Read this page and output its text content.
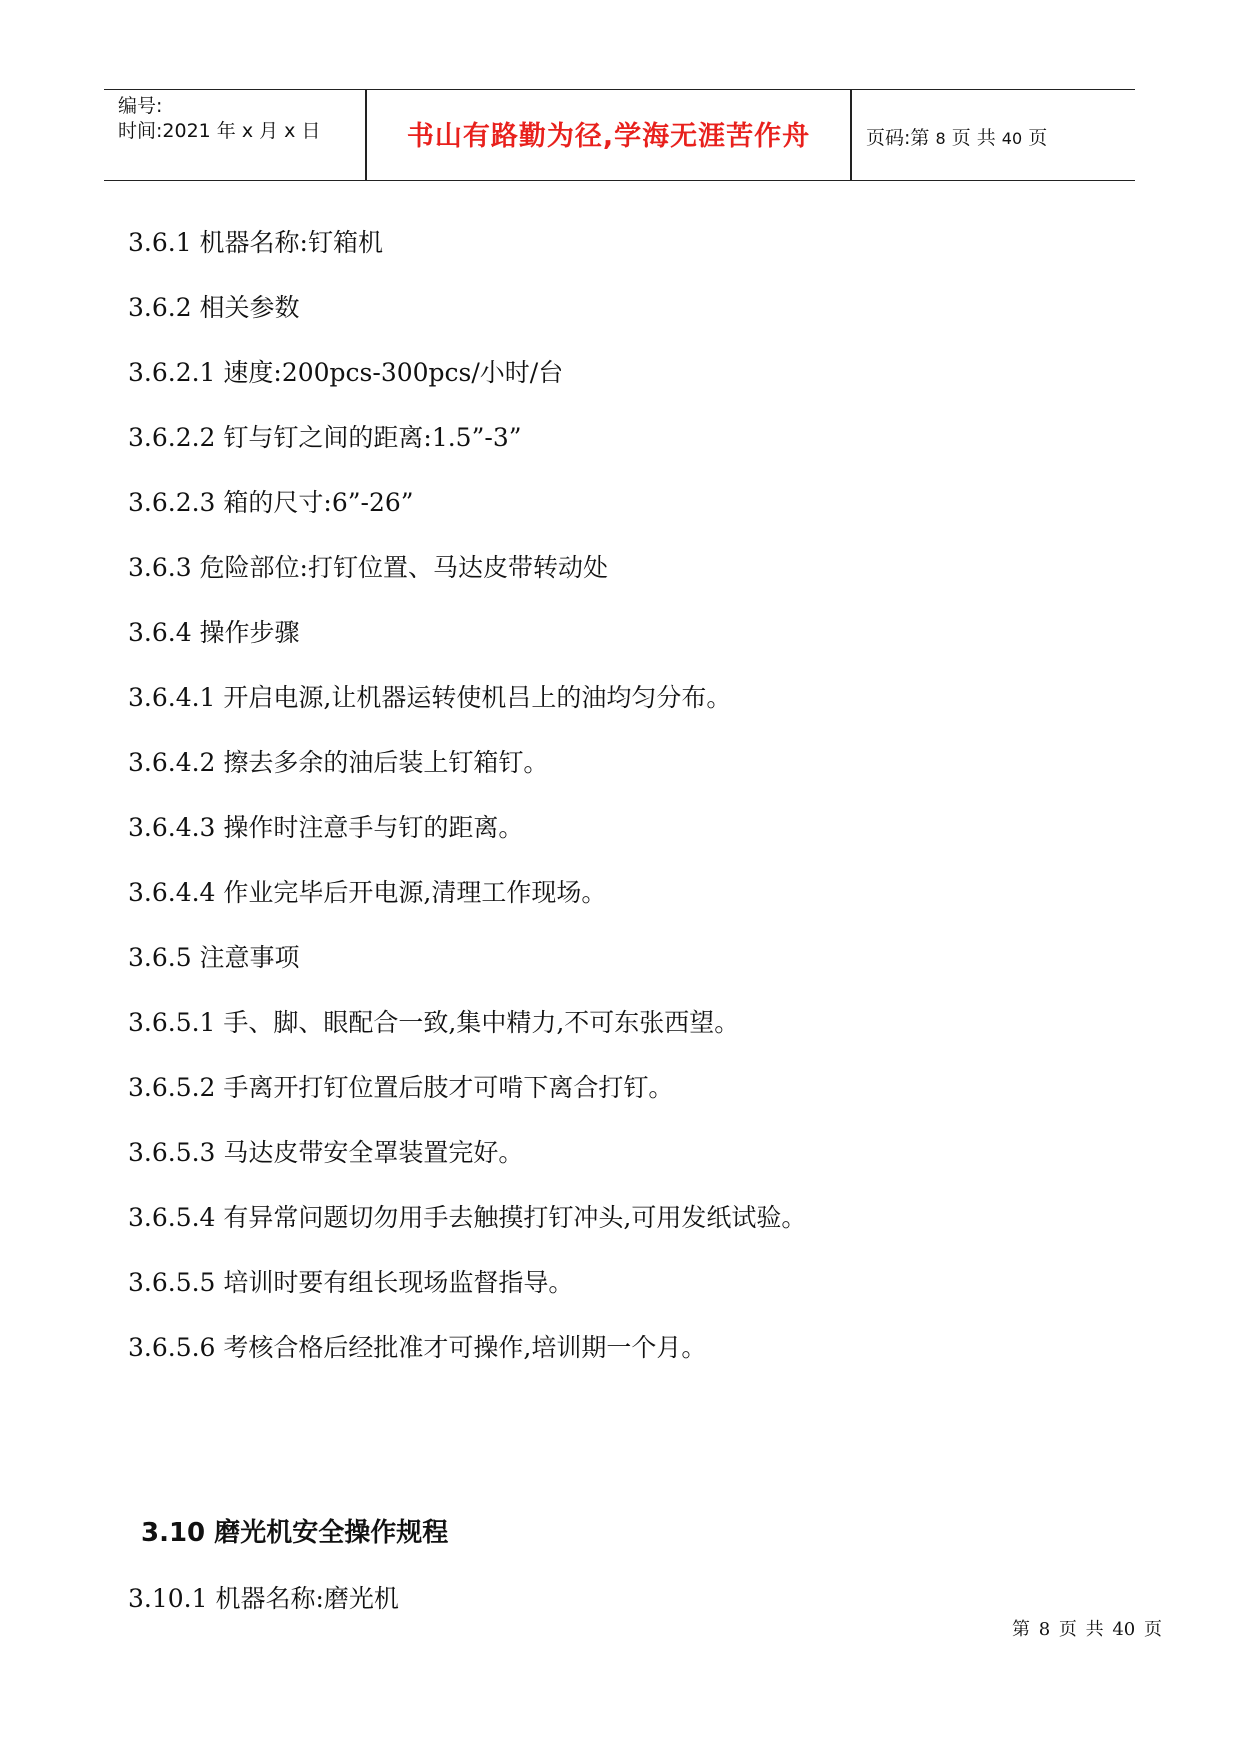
编号:
时间:2021 年 x 月 x 日	书山有路勤为径,学海无涯苦作舟	页码:第 8 页 共 40 页
3.6.1 机器名称:钉箱机
3.6.2 相关参数
3.6.2.1 速度:200pcs-300pcs/小时/台
3.6.2.2 钉与钉之间的距离:1.5”-3”
3.6.2.3 箱的尺寸:6”-26”
3.6.3 危险部位:打钉位置、马达皮带转动处
3.6.4 操作步骤
3.6.4.1 开启电源,让机器运转使机吕上的油均匀分布。
3.6.4.2 擦去多余的油后装上钉箱钉。
3.6.4.3 操作时注意手与钉的距离。
3.6.4.4 作业完毕后开电源,清理工作现场。
3.6.5 注意事项
3.6.5.1 手、脚、眼配合一致,集中精力,不可东张西望。
3.6.5.2 手离开打钉位置后肢才可啃下离合打钉。
3.6.5.3 马达皮带安全罩装置完好。
3.6.5.4 有异常问题切勿用手去触摸打钉冲头,可用发纸试验。
3.6.5.5 培训时要有组长现场监督指导。
3.6.5.6 考核合格后经批准才可操作,培训期一个月。
3.10 磨光机安全操作规程
3.10.1 机器名称:磨光机
第 8 页 共 40 页
